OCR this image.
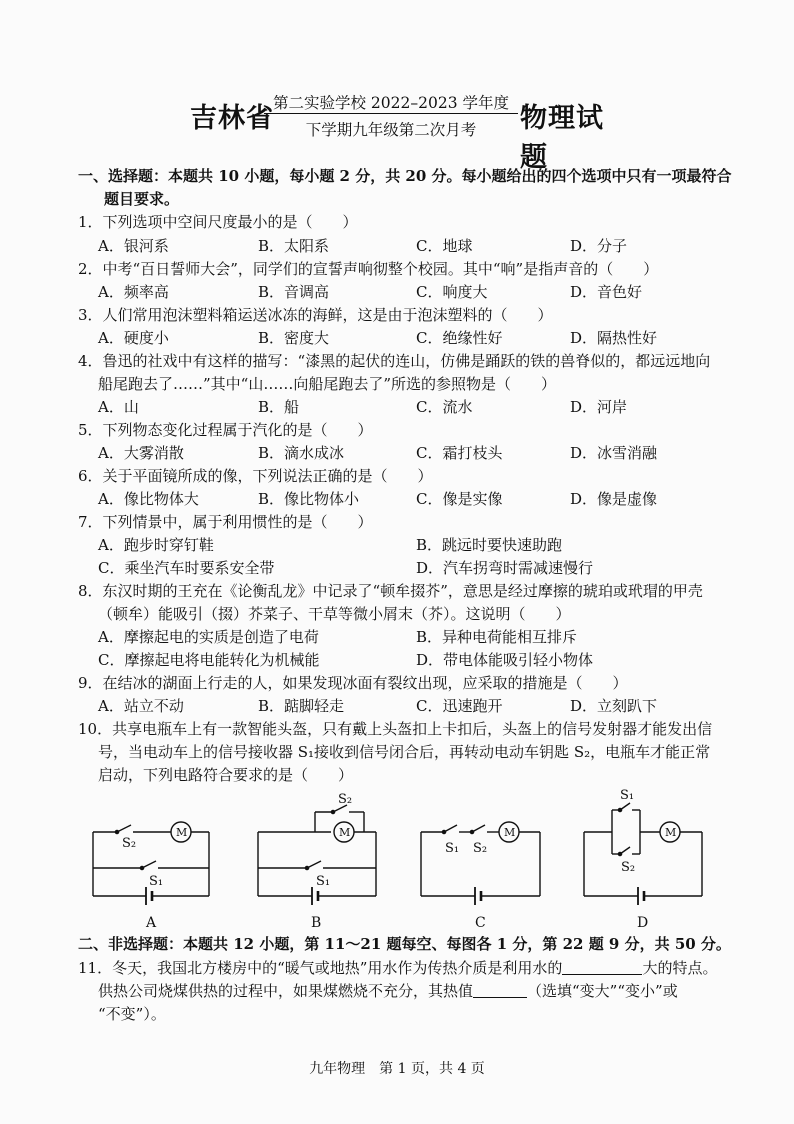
吉林省 第二实验学校 2022–2023 学年度
下学期九年级第二次月考	物理试题
一、选择题：本题共 10 小题，每小题 2 分，共 20 分。每小题给出的四个选项中只有一项最符合
题目要求。
1．下列选项中空间尺度最小的是（　　）
A．银河系	B．太阳系	C．地球	D．分子
2．中考“百日誓师大会”，同学们的宣誓声响彻整个校园。其中“响”是指声音的（　　）
A．频率高	B．音调高	C．响度大	D．音色好
3．人们常用泡沫塑料箱运送冰冻的海鲜，这是由于泡沫塑料的（　　）
A．硬度小	B．密度大	C．绝缘性好	D．隔热性好
4．鲁迅的社戏中有这样的描写：“漆黑的起伏的连山，仿佛是踊跃的铁的兽脊似的，都远远地向
船尾跑去了……”其中“山……向船尾跑去了”所选的参照物是（　　）
A．山	B．船	C．流水	D．河岸
5．下列物态变化过程属于汽化的是（　　）
A．大雾消散	B．滴水成冰	C．霜打枝头	D．冰雪消融
6．关于平面镜所成的像，下列说法正确的是（　　）
A．像比物体大	B．像比物体小	C．像是实像	D．像是虚像
7．下列情景中，属于利用惯性的是（　　）
A．跑步时穿钉鞋	B．跳远时要快速助跑
C．乘坐汽车时要系安全带	D．汽车拐弯时需减速慢行
8．东汉时期的王充在《论衡乱龙》中记录了“顿牟掇芥”，意思是经过摩擦的琥珀或玳瑁的甲壳
（顿牟）能吸引（掇）芥菜子、干草等微小屑末（芥）。这说明（　　）
A．摩擦起电的实质是创造了电荷	B．异种电荷能相互排斥
C．摩擦起电将电能转化为机械能	D．带电体能吸引轻小物体
9．在结冰的湖面上行走的人，如果发现冰面有裂纹出现，应采取的措施是（　　）
A．站立不动	B．踮脚轻走	C．迅速跑开	D．立刻趴下
10．共享电瓶车上有一款智能头盔，只有戴上头盔扣上卡扣后，头盔上的信号发射器才能发出信
号，当电动车上的信号接收器 S₁接收到信号闭合后，再转动电动车钥匙 S₂，电瓶车才能正常
启动，下列电路符合要求的是（　　）
S₂
S₁
S₂
S₁
S₁ S₂
S₁
S₂
M	M	M	M
A	B	C	D
二、非选择题：本题共 12 小题，第 11～21 题每空、每图各 1 分，第 22 题 9 分，共 50 分。
11．冬天，我国北方楼房中的“暖气或地热”用水作为传热介质是利用水的	大的特点。
供热公司烧煤供热的过程中，如果煤燃烧不充分，其热值	（选填“变大”“变小”或
“不变”）。
九年物理　第 1 页，共 4 页
